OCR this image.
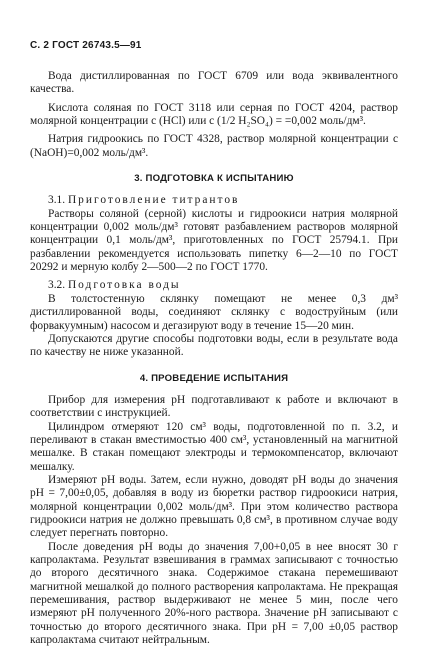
С. 2 ГОСТ 26743.5—91

Вода дистиллированная по ГОСТ 6709 или вода эквивалентного качества.

Кислота соляная по ГОСТ 3118 или серная по ГОСТ 4204, раствор молярной концентрации с (HCl) или с (1/2 H₂SO₄) = =0,002 моль/дм³.

Натрия гидроокись по ГОСТ 4328, раствор молярной концентрации с (NaOH)=0,002 моль/дм³.

3. ПОДГОТОВКА К ИСПЫТАНИЮ

3.1. Приготовление титрантов

Растворы соляной (серной) кислоты и гидроокиси натрия молярной концентрации 0,002 моль/дм³ готовят разбавлением растворов молярной концентрации 0,1 моль/дм³, приготовленных по ГОСТ 25794.1. При разбавлении рекомендуется использовать пипетку 6—2—10 по ГОСТ 20292 и мерную колбу 2—500—2 по ГОСТ 1770.

3.2. Подготовка воды

В толстостенную склянку помещают не менее 0,3 дм³ дистиллированной воды, соединяют склянку с водоструйным (или форвакуумным) насосом и дегазируют воду в течение 15—20 мин.

Допускаются другие способы подготовки воды, если в результате вода по качеству не ниже указанной.

4. ПРОВЕДЕНИЕ ИСПЫТАНИЯ

Прибор для измерения рН подготавливают к работе и включают в соответствии с инструкцией.

Цилиндром отмеряют 120 см³ воды, подготовленной по п. 3.2, и переливают в стакан вместимостью 400 см³, установленный на магнитной мешалке. В стакан помещают электроды и термокомпенсатор, включают мешалку.

Измеряют рН воды. Затем, если нужно, доводят рН воды до значения рН = 7,00±0,05, добавляя в воду из бюретки раствор гидроокиси натрия, молярной концентрации 0,002 моль/дм³. При этом количество раствора гидроокиси натрия не должно превышать 0,8 см³, в противном случае воду следует перегнать повторно.

После доведения рН воды до значения 7,00+0,05 в нее вносят 30 г капролактама. Результат взвешивания в граммах записывают с точностью до второго десятичного знака. Содержимое стакана перемешивают магнитной мешалкой до полного растворения капролактама. Не прекращая перемешивания, раствор выдерживают не менее 5 мин, после чего измеряют рН полученного 20%-ного раствора. Значение рН записывают с точностью до второго десятичного знака. При рН = 7,00 ±0,05 раствор капролактама считают нейтральным.
